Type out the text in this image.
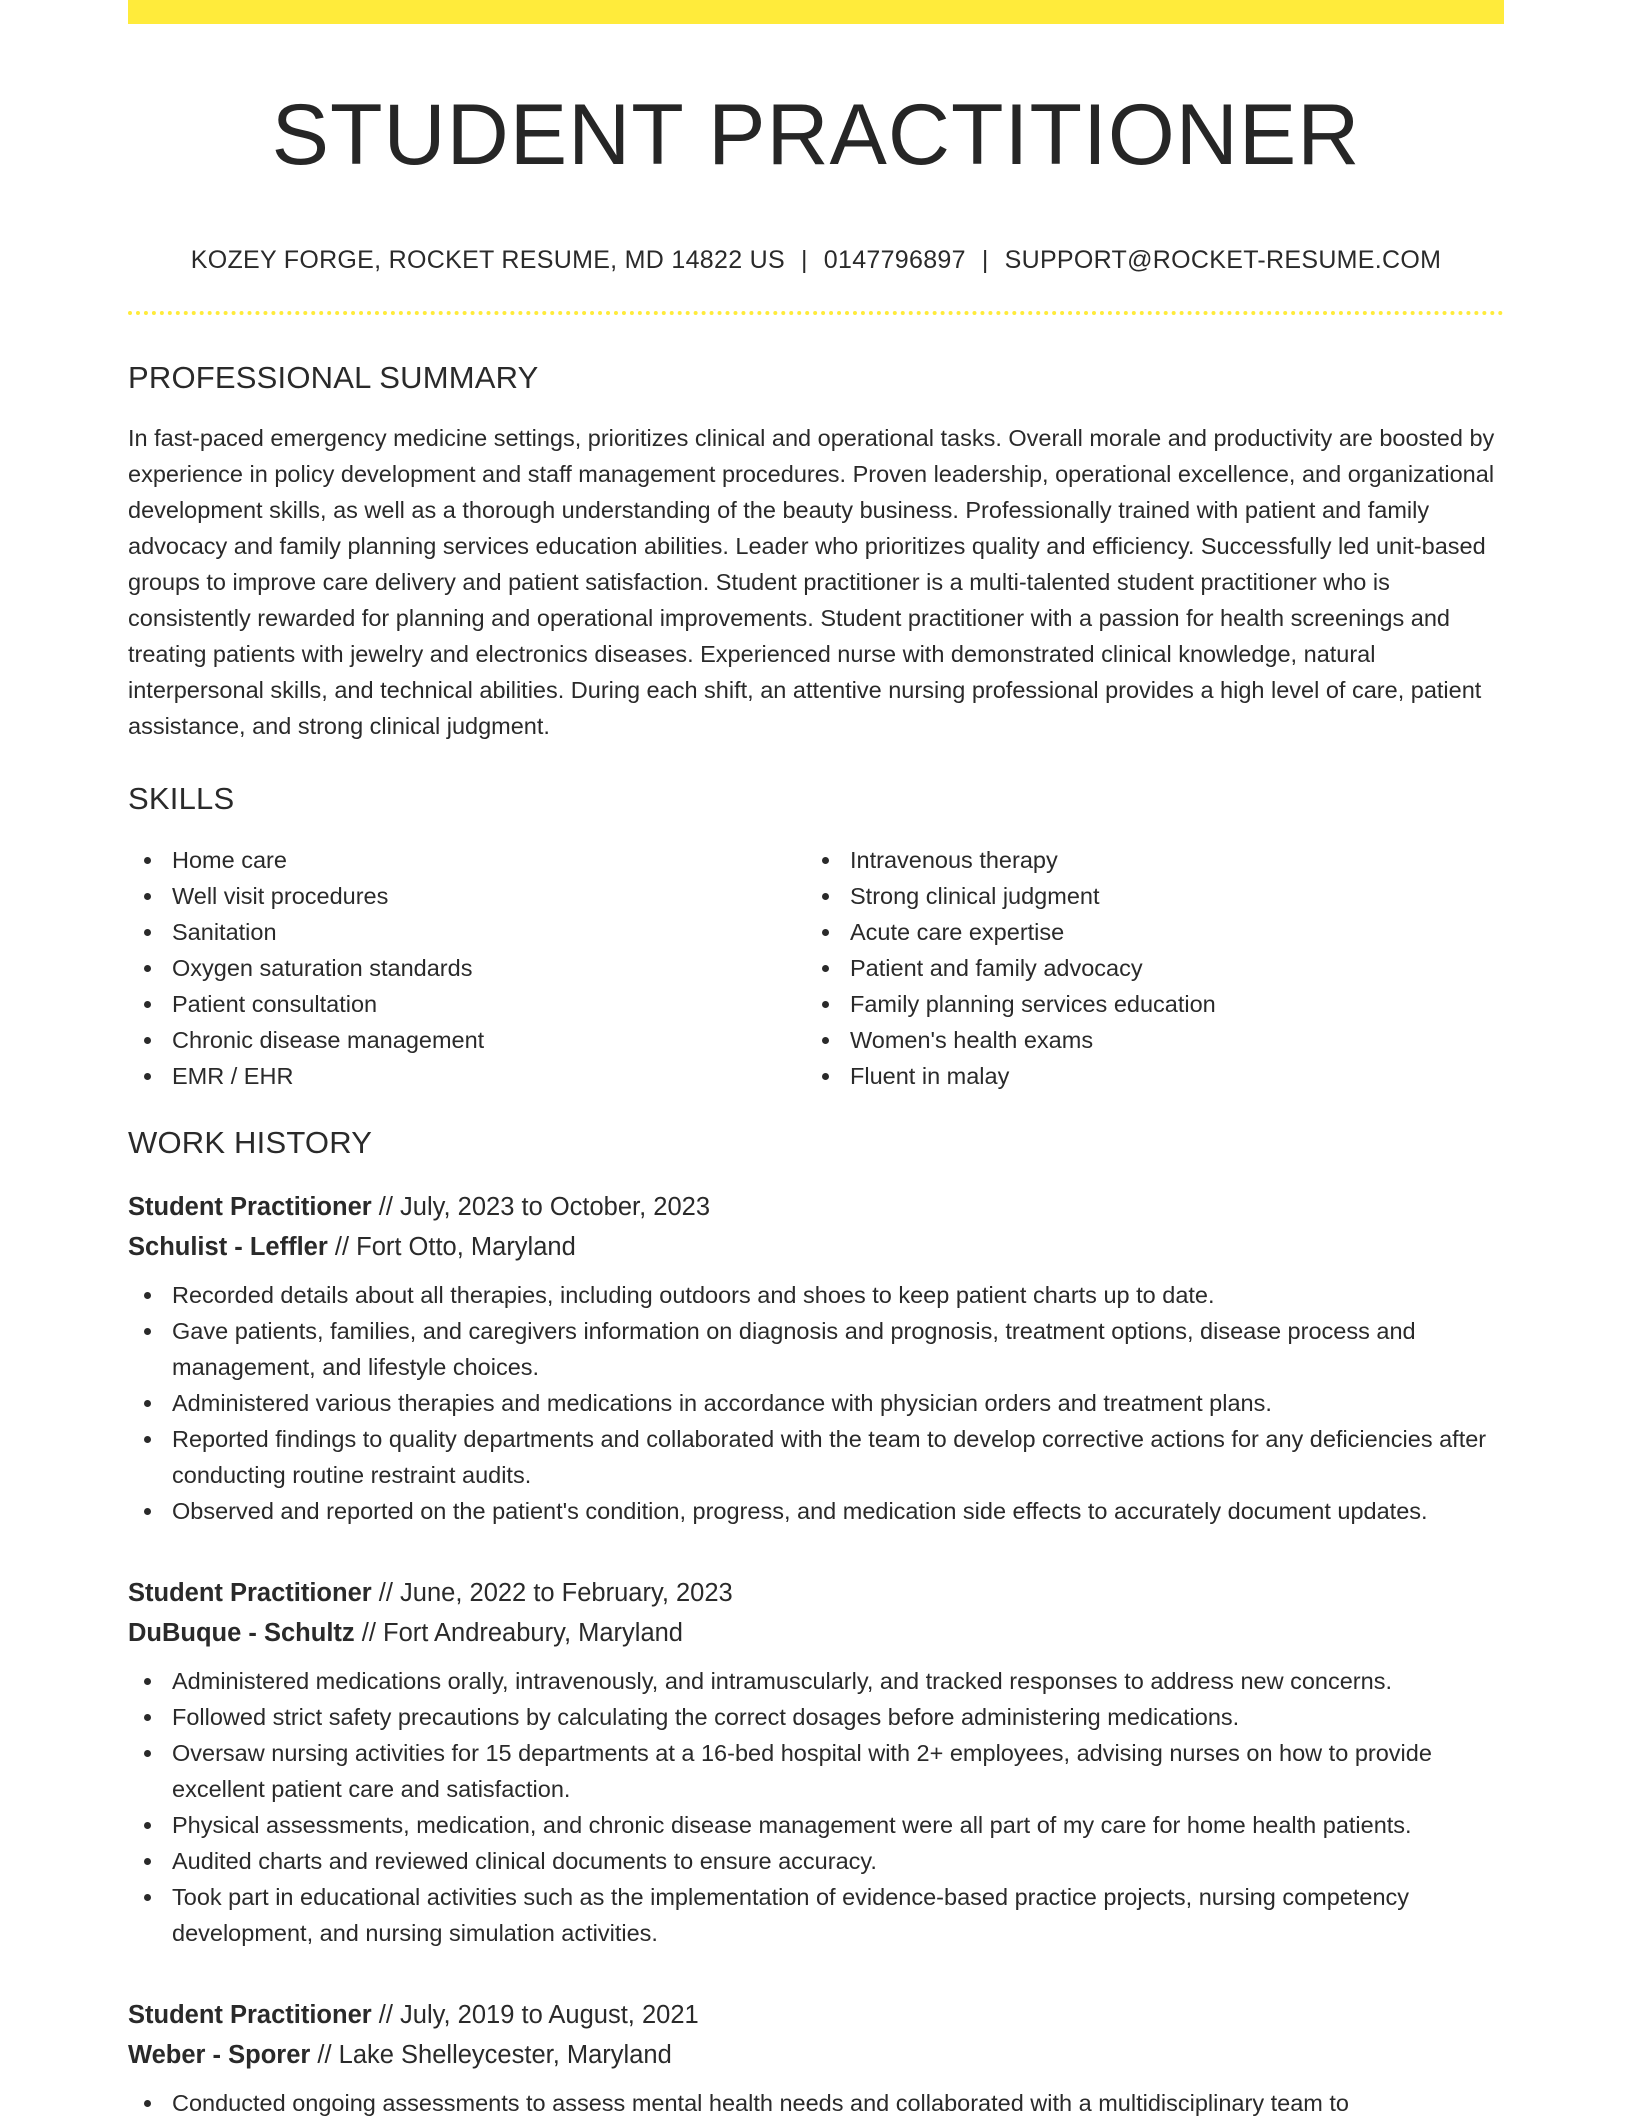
STUDENT PRACTITIONER
KOZEY FORGE, ROCKET RESUME, MD 14822 US | 0147796897 | SUPPORT@ROCKET-RESUME.COM
PROFESSIONAL SUMMARY

In fast-paced emergency medicine settings, prioritizes clinical and operational tasks. Overall morale and productivity are boosted by experience in policy development and staff management procedures. Proven leadership, operational excellence, and organizational development skills, as well as a thorough understanding of the beauty business. Professionally trained with patient and family advocacy and family planning services education abilities. Leader who prioritizes quality and efficiency. Successfully led unit-based groups to improve care delivery and patient satisfaction. Student practitioner is a multi-talented student practitioner who is consistently rewarded for planning and operational improvements. Student practitioner with a passion for health screenings and treating patients with jewelry and electronics diseases. Experienced nurse with demonstrated clinical knowledge, natural interpersonal skills, and technical abilities. During each shift, an attentive nursing professional provides a high level of care, patient assistance, and strong clinical judgment.

SKILLS
Home care
Well visit procedures
Sanitation
Oxygen saturation standards
Patient consultation
Chronic disease management
EMR / EHR
Intravenous therapy
Strong clinical judgment
Acute care expertise
Patient and family advocacy
Family planning services education
Women's health exams
Fluent in malay
WORK HISTORY
Student Practitioner // July, 2023 to October, 2023
Schulist - Leffler // Fort Otto, Maryland
Recorded details about all therapies, including outdoors and shoes to keep patient charts up to date.
Gave patients, families, and caregivers information on diagnosis and prognosis, treatment options, disease process and management, and lifestyle choices.
Administered various therapies and medications in accordance with physician orders and treatment plans.
Reported findings to quality departments and collaborated with the team to develop corrective actions for any deficiencies after conducting routine restraint audits.
Observed and reported on the patient's condition, progress, and medication side effects to accurately document updates.
Student Practitioner // June, 2022 to February, 2023
DuBuque - Schultz // Fort Andreabury, Maryland
Administered medications orally, intravenously, and intramuscularly, and tracked responses to address new concerns.
Followed strict safety precautions by calculating the correct dosages before administering medications.
Oversaw nursing activities for 15 departments at a 16-bed hospital with 2+ employees, advising nurses on how to provide excellent patient care and satisfaction.
Physical assessments, medication, and chronic disease management were all part of my care for home health patients.
Audited charts and reviewed clinical documents to ensure accuracy.
Took part in educational activities such as the implementation of evidence-based practice projects, nursing competency development, and nursing simulation activities.
Student Practitioner // July, 2019 to August, 2021
Weber - Sporer // Lake Shelleycester, Maryland
Conducted ongoing assessments to assess mental health needs and collaborated with a multidisciplinary team to
